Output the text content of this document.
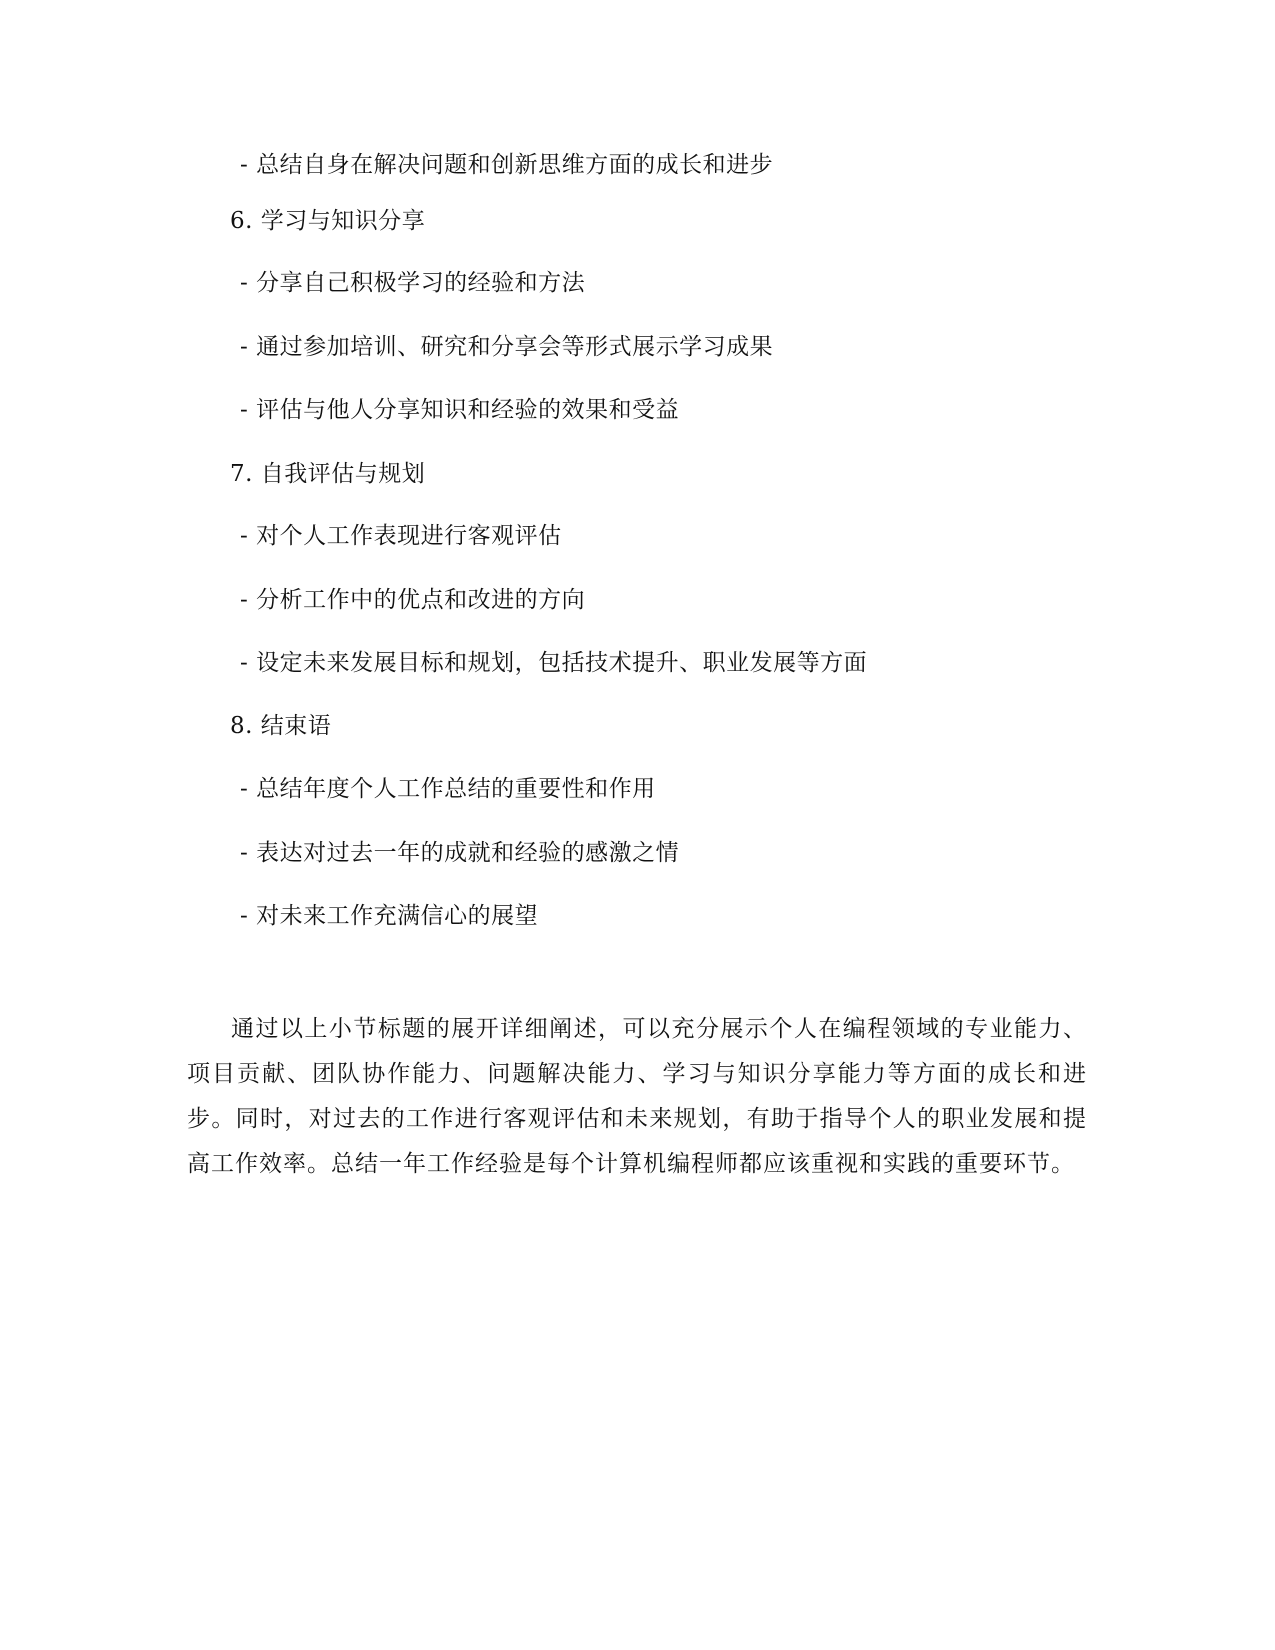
- 总结自身在解决问题和创新思维方面的成长和进步
6. 学习与知识分享
- 分享自己积极学习的经验和方法
- 通过参加培训、研究和分享会等形式展示学习成果
- 评估与他人分享知识和经验的效果和受益
7. 自我评估与规划
- 对个人工作表现进行客观评估
- 分析工作中的优点和改进的方向
- 设定未来发展目标和规划，包括技术提升、职业发展等方面
8. 结束语
- 总结年度个人工作总结的重要性和作用
- 表达对过去一年的成就和经验的感激之情
- 对未来工作充满信心的展望
通过以上小节标题的展开详细阐述，可以充分展示个人在编程领域的专业能力、项目贡献、团队协作能力、问题解决能力、学习与知识分享能力等方面的成长和进步。同时，对过去的工作进行客观评估和未来规划，有助于指导个人的职业发展和提高工作效率。总结一年工作经验是每个计算机编程师都应该重视和实践的重要环节。
